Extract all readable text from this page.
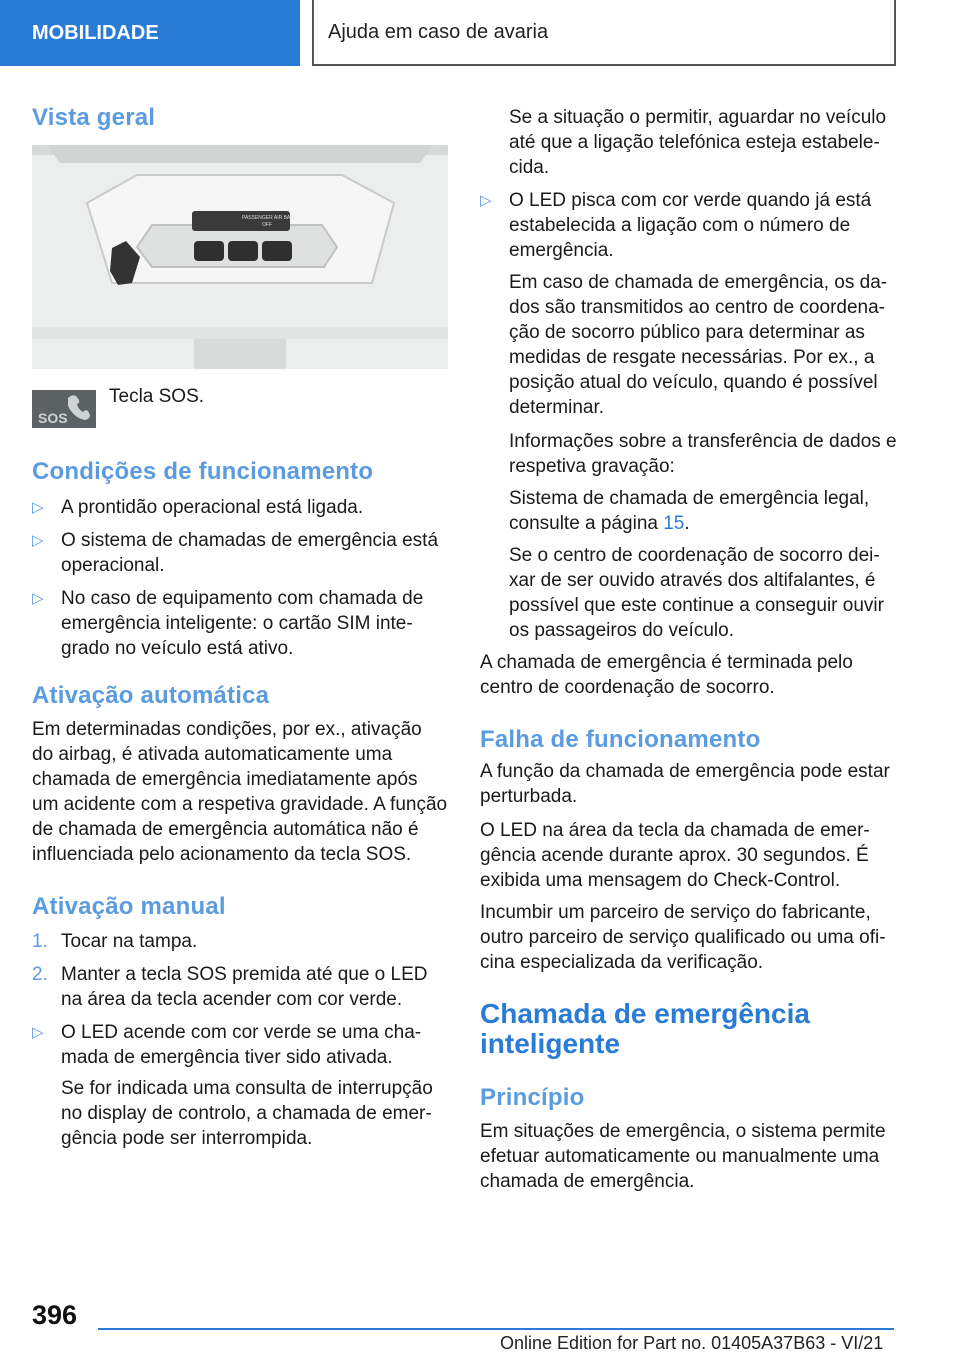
MOBILIDADE	Ajuda em caso de avaria
Vista geral
PASSENGER AIR BAG
OFF
SOS

Tecla SOS.

Condições de funcionamento
▷ A prontidão operacional está ligada.
▷ O sistema de chamadas de emergência está operacional.
▷ No caso de equipamento com chamada de emergência inteligente: o cartão SIM integrado no veículo está ativo.
Ativação automática

Em determinadas condições, por ex., ativação do airbag, é ativada automaticamente uma chamada de emergência imediatamente após um acidente com a respetiva gravidade. A função de chamada de emergência automática não é influenciada pelo acionamento da tecla SOS.

Ativação manual
1. Tocar na tampa.
2. Manter a tecla SOS premida até que o LED na área da tecla acender com cor verde.
▷ O LED acende com cor verde se uma chamada de emergência tiver sido ativada.

Se for indicada uma consulta de interrupção no display de controlo, a chamada de emergência pode ser interrompida.

Se a situação o permitir, aguardar no veículo até que a ligação telefónica esteja estabelecida.

▷ O LED pisca com cor verde quando já está estabelecida a ligação com o número de emergência.

Em caso de chamada de emergência, os dados são transmitidos ao centro de coordenação de socorro público para determinar as medidas de resgate necessárias. Por ex., a posição atual do veículo, quando é possível determinar.

Informações sobre a transferência de dados e respetiva gravação:

Sistema de chamada de emergência legal, consulte a página 15.

Se o centro de coordenação de socorro deixar de ser ouvido através dos altifalantes, é possível que este continue a conseguir ouvir os passageiros do veículo.

A chamada de emergência é terminada pelo centro de coordenação de socorro.

Falha de funcionamento

A função da chamada de emergência pode estar perturbada.

O LED na área da tecla da chamada de emergência acende durante aprox. 30 segundos. É exibida uma mensagem do Check-Control.

Incumbir um parceiro de serviço do fabricante, outro parceiro de serviço qualificado ou uma oficina especializada da verificação.

Chamada de emergência
inteligente
Princípio

Em situações de emergência, o sistema permite efetuar automaticamente ou manualmente uma chamada de emergência.

396
Online Edition for Part no. 01405A37B63 - VI/21
